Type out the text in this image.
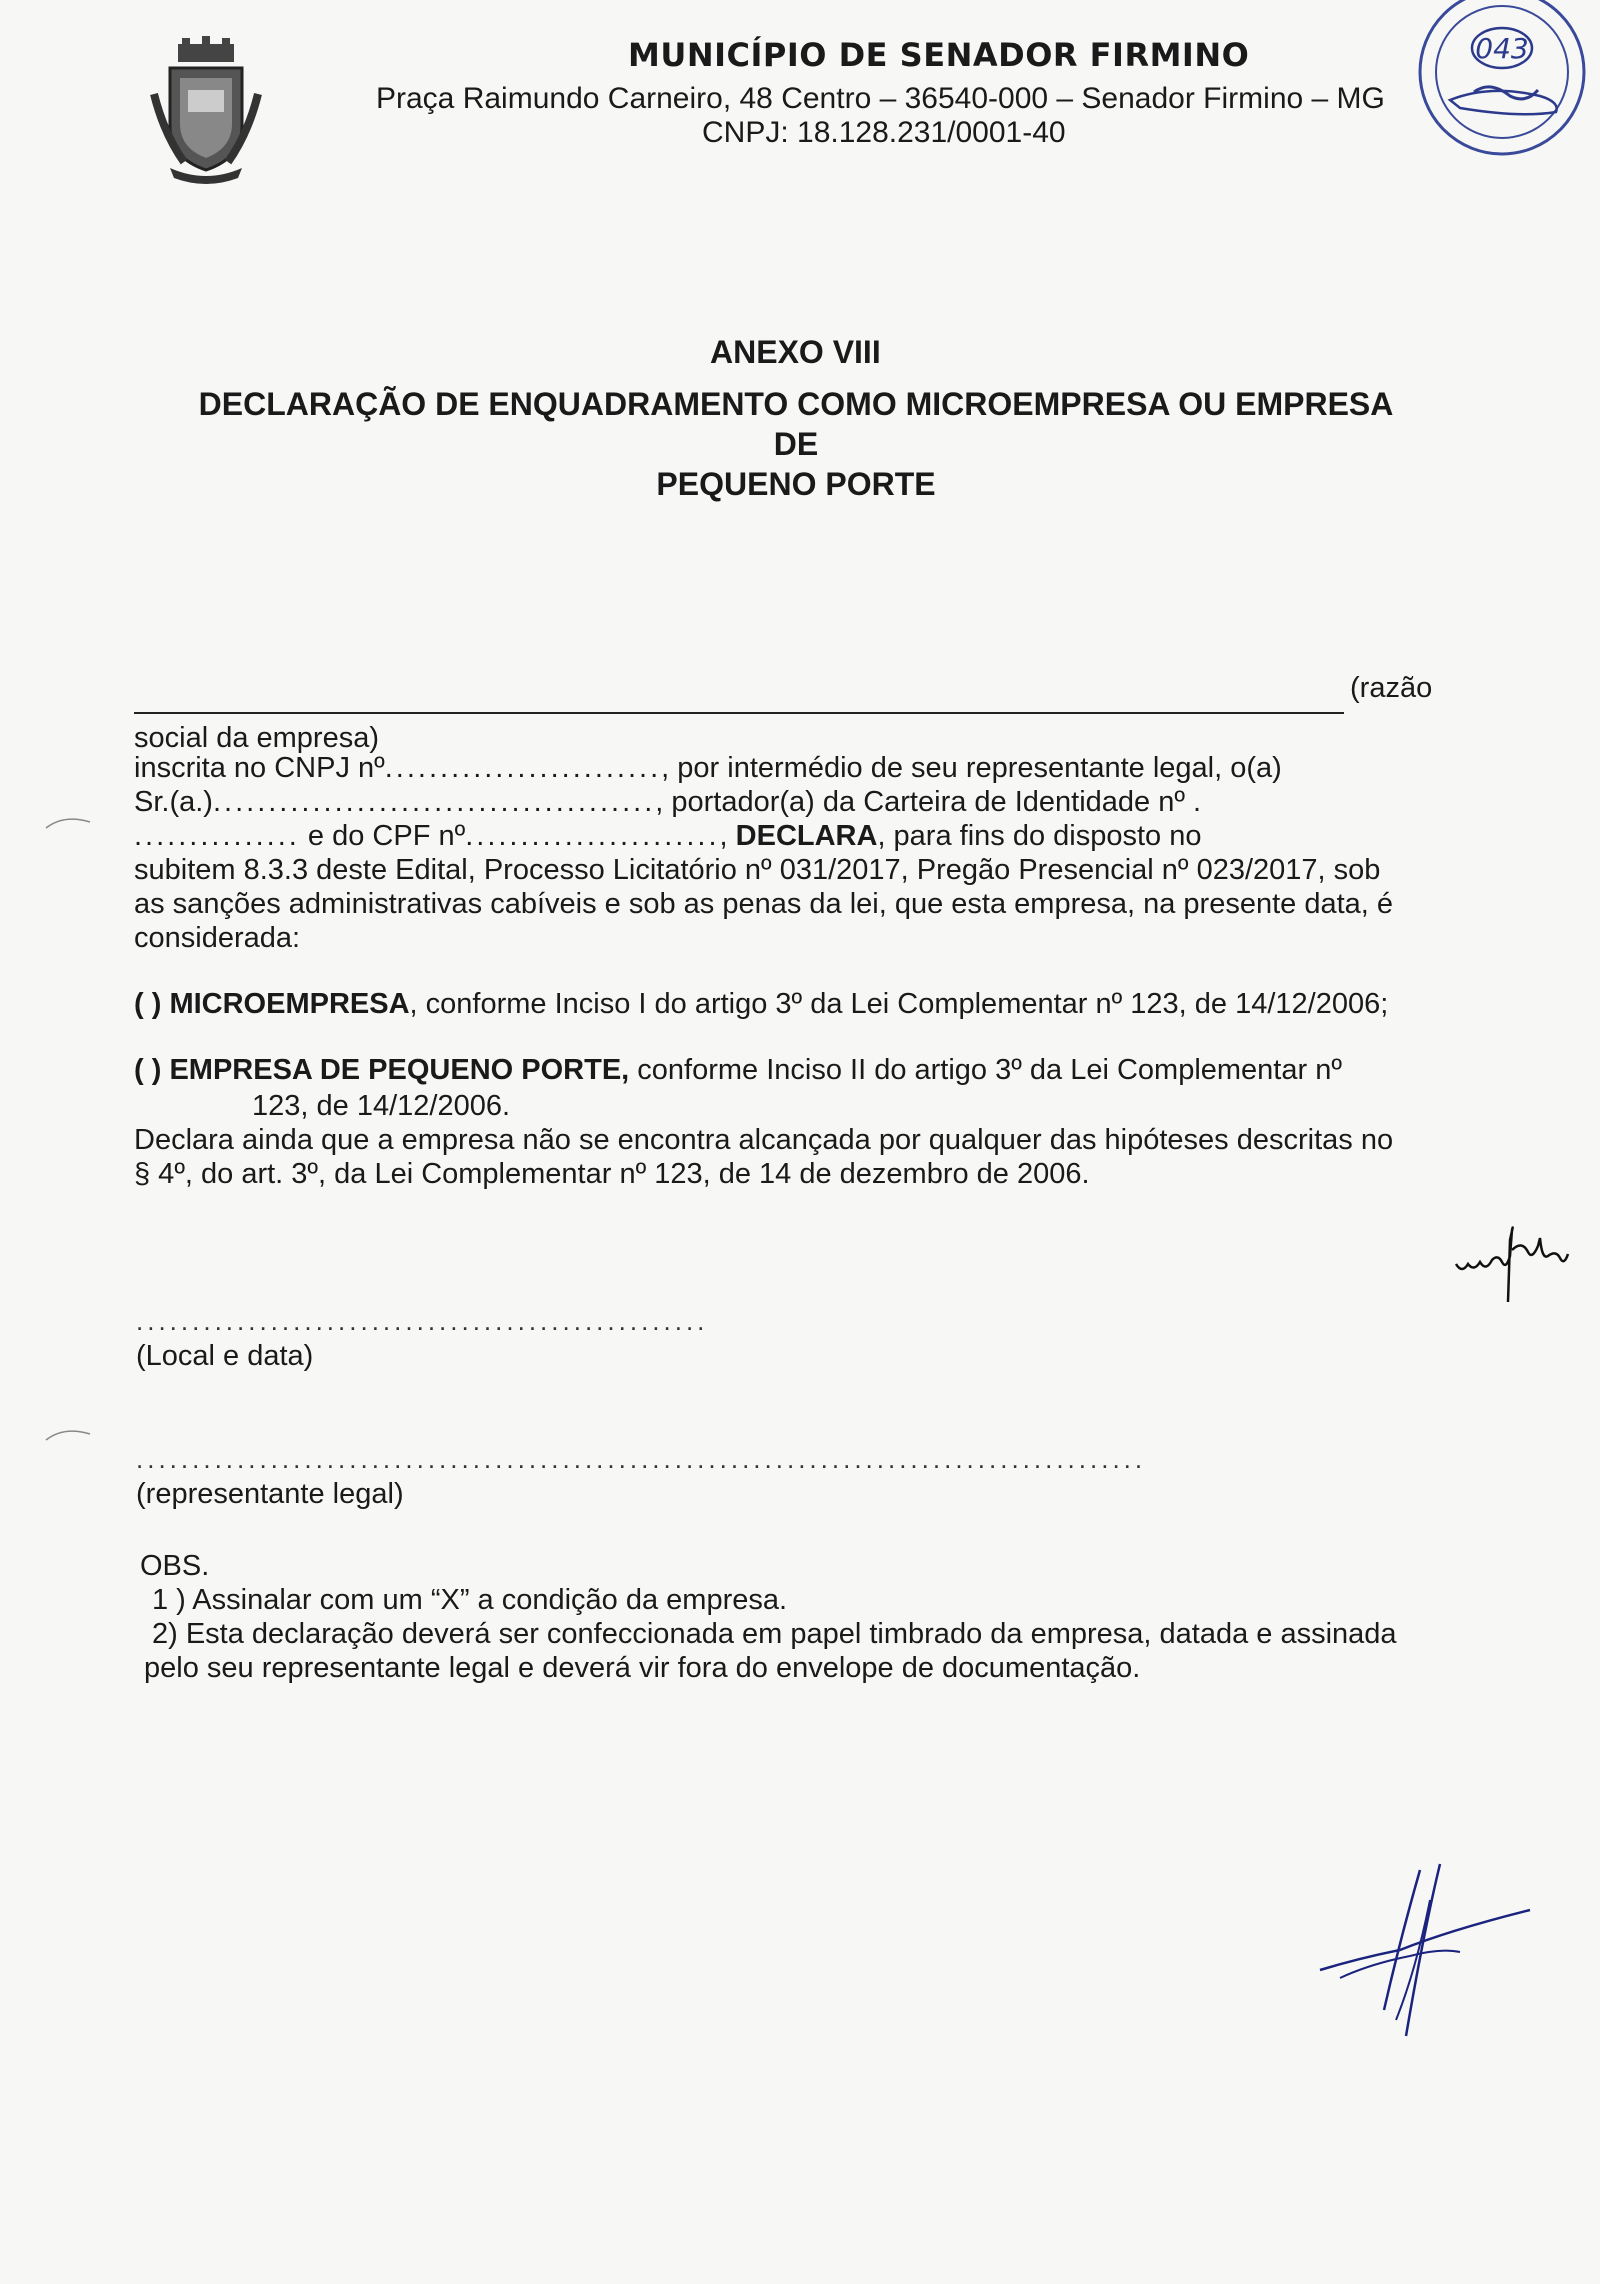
MUNICÍPIO DE SENADOR FIRMINO
Praça Raimundo Carneiro, 48 Centro – 36540-000 – Senador Firmino – MG
CNPJ: 18.128.231/0001-40
043
ANEXO VIII
DECLARAÇÃO DE ENQUADRAMENTO COMO MICROEMPRESA OU EMPRESA DE
PEQUENO PORTE
(razão
social da empresa)
inscrita no CNPJ nº........................., por intermédio de seu representante legal, o(a)
Sr.(a.)........................................, portador(a) da Carteira de Identidade nº .
............... e do CPF nº......................., DECLARA, para fins do disposto no
subitem 8.3.3 deste Edital, Processo Licitatório nº 031/2017, Pregão Presencial nº 023/2017, sob
as sanções administrativas cabíveis e sob as penas da lei, que esta empresa, na presente data, é
considerada:
( ) MICROEMPRESA, conforme Inciso I do artigo 3º da Lei Complementar nº 123, de 14/12/2006;
( ) EMPRESA DE PEQUENO PORTE, conforme Inciso II do artigo 3º da Lei Complementar nº
123, de 14/12/2006.
Declara ainda que a empresa não se encontra alcançada por qualquer das hipóteses descritas no
§ 4º, do art. 3º, da Lei Complementar nº 123, de 14 de dezembro de 2006.
...................................................
(Local e data)
..........................................................................................
(representante legal)
OBS.
1 ) Assinalar com um “X” a condição da empresa.
2) Esta declaração deverá ser confeccionada em papel timbrado da empresa, datada e assinada
pelo seu representante legal e deverá vir fora do envelope de documentação.
